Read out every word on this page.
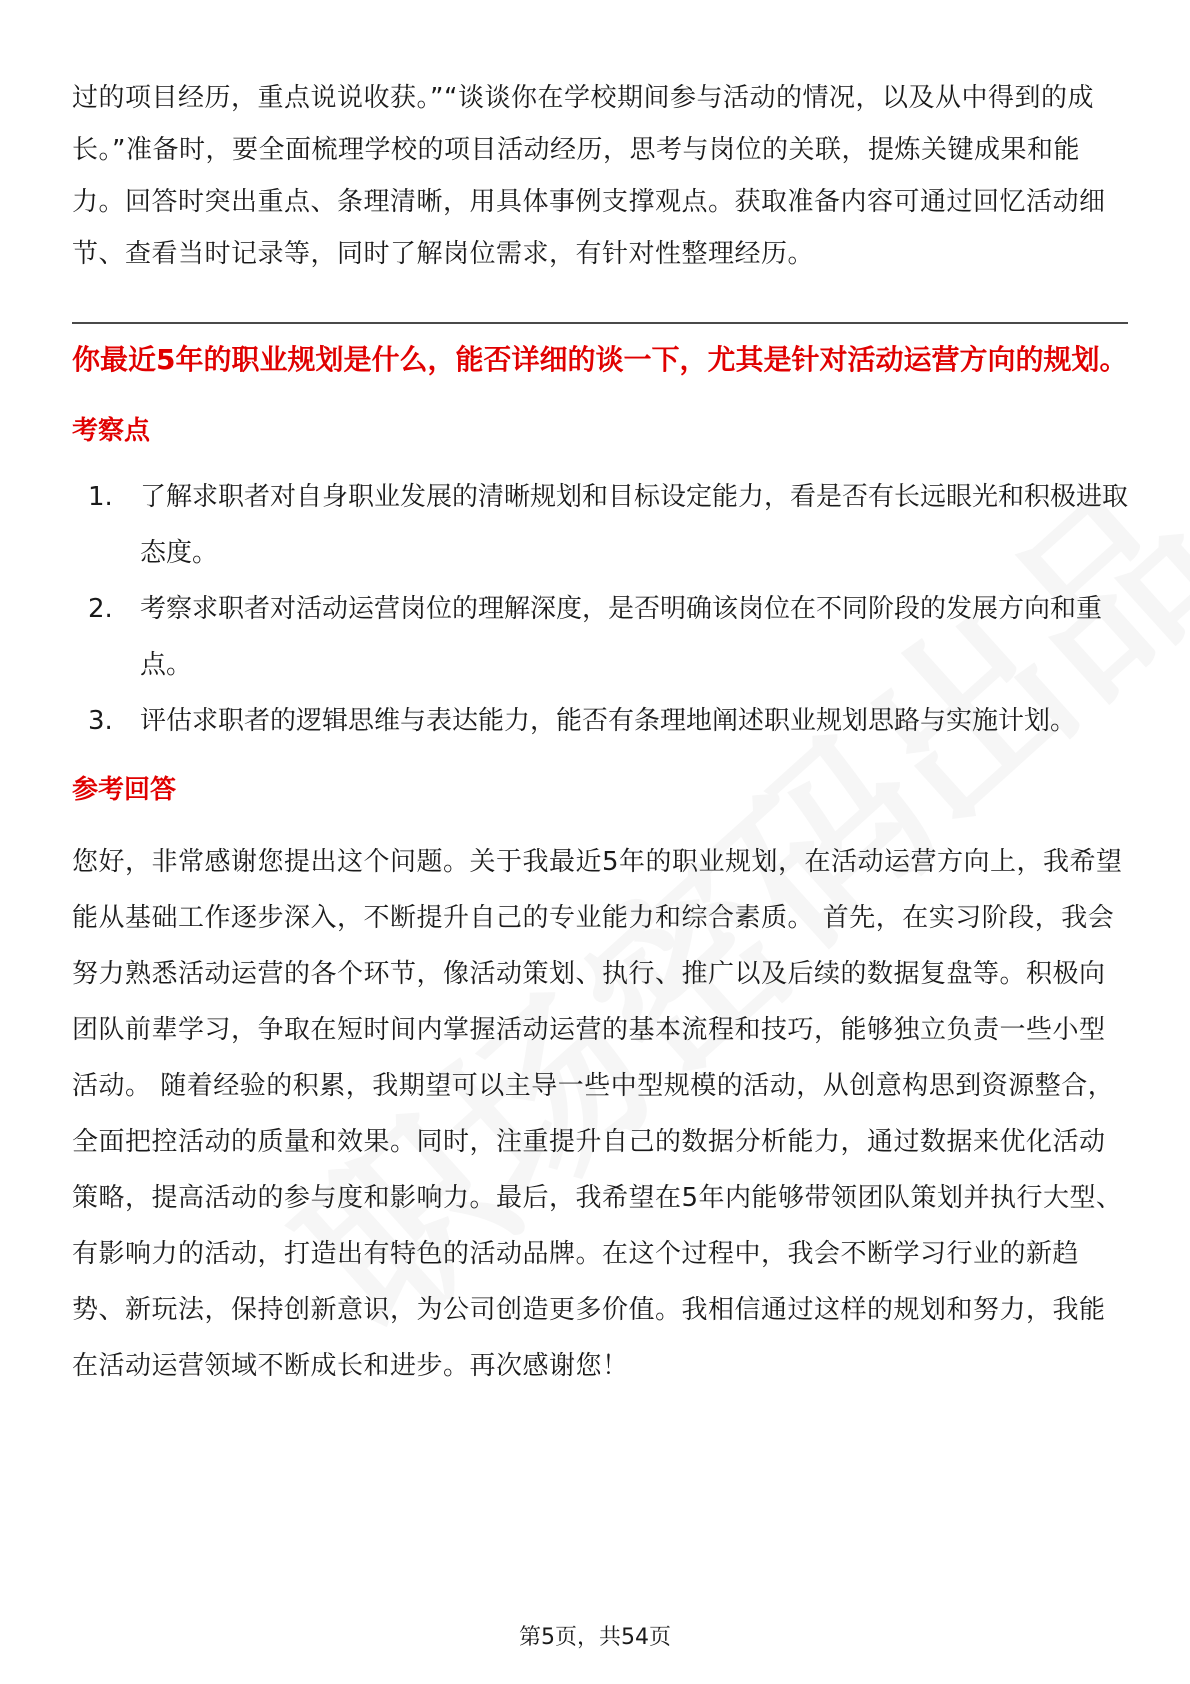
过的项目经历，重点说说收获。”“谈谈你在学校期间参与活动的情况，以及从中得到的成长。”准备时，要全面梳理学校的项目活动经历，思考与岗位的关联，提炼关键成果和能力。回答时突出重点、条理清晰，用具体事例支撑观点。获取准备内容可通过回忆活动细节、查看当时记录等，同时了解岗位需求，有针对性整理经历。

你最近5年的职业规划是什么，能否详细的谈一下，尤其是针对活动运营方向的规划。
考察点
1.	了解求职者对自身职业发展的清晰规划和目标设定能力，看是否有长远眼光和积极进取态度。
2.	考察求职者对活动运营岗位的理解深度，是否明确该岗位在不同阶段的发展方向和重点。
3.	评估求职者的逻辑思维与表达能力，能否有条理地阐述职业规划思路与实施计划。
参考回答

您好，非常感谢您提出这个问题。关于我最近5年的职业规划，在活动运营方向上，我希望能从基础工作逐步深入，不断提升自己的专业能力和综合素质。 首先，在实习阶段，我会努力熟悉活动运营的各个环节，像活动策划、执行、推广以及后续的数据复盘等。积极向团队前辈学习，争取在短时间内掌握活动运营的基本流程和技巧，能够独立负责一些小型活动。 随着经验的积累，我期望可以主导一些中型规模的活动，从创意构思到资源整合，全面把控活动的质量和效果。同时，注重提升自己的数据分析能力，通过数据来优化活动策略，提高活动的参与度和影响力。最后，我希望在5年内能够带领团队策划并执行大型、有影响力的活动，打造出有特色的活动品牌。在这个过程中，我会不断学习行业的新趋势、新玩法，保持创新意识，为公司创造更多价值。我相信通过这样的规划和努力，我能在活动运营领域不断成长和进步。再次感谢您！

第5页，共54页
